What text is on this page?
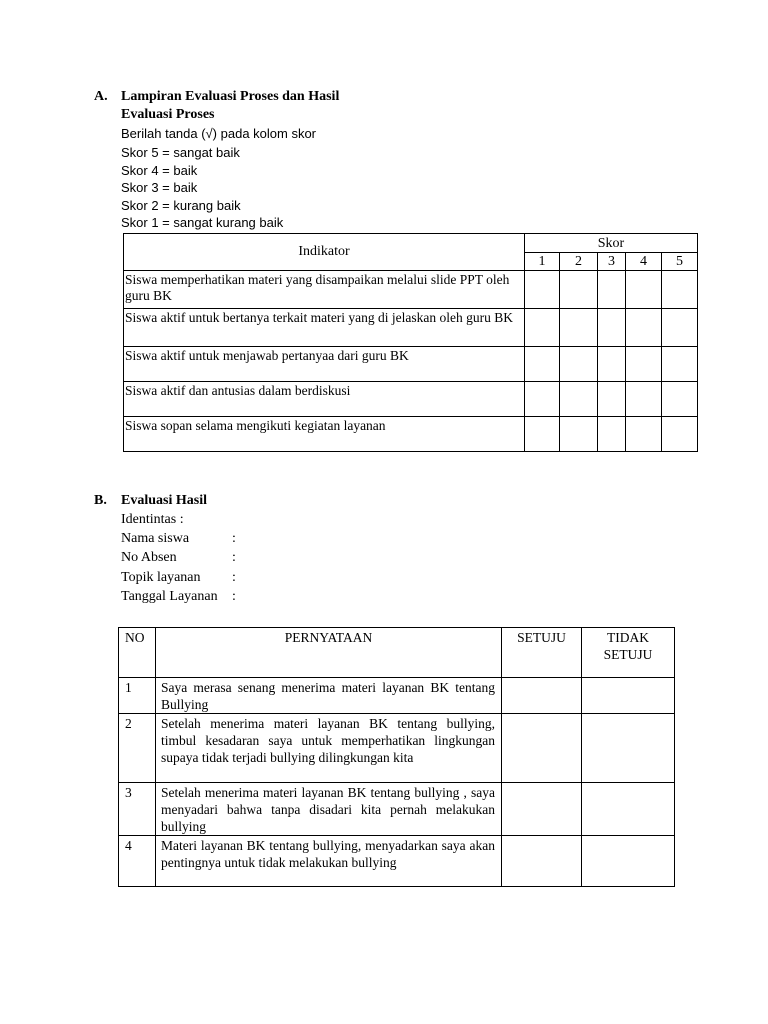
A. Lampiran Evaluasi Proses dan Hasil
Evaluasi Proses
Berilah tanda (√) pada kolom skor
Skor 5 = sangat baik
Skor 4 = baik
Skor 3 = baik
Skor 2 = kurang baik
Skor 1 = sangat kurang baik
Indikator	Skor				
	1	2	3	4	5
Siswa memperhatikan materi yang disampaikan melalui slide PPT oleh guru BK					
Siswa aktif untuk bertanya terkait materi yang di jelaskan oleh guru BK					
Siswa aktif untuk menjawab pertanyaa dari guru BK					
Siswa aktif dan antusias dalam berdiskusi					
Siswa sopan selama mengikuti kegiatan layanan					
B. Evaluasi Hasil
Identintas :
Nama siswa	:
No Absen	:
Topik layanan :
Tanggal Layanan :
NO	PERNYATAAN	SETUJU	TIDAK SETUJU

1	Saya merasa senang menerima materi layanan BK tentang Bullying		
2	Setelah menerima materi layanan BK tentang bullying, timbul kesadaran saya untuk memperhatikan lingkungan supaya tidak terjadi bullying dilingkungan kita		
3	Setelah menerima materi layanan BK tentang bullying , saya menyadari bahwa tanpa disadari kita pernah melakukan bullying		
4	Materi layanan BK tentang bullying, menyadarkan saya akan pentingnya untuk tidak melakukan bullying		
